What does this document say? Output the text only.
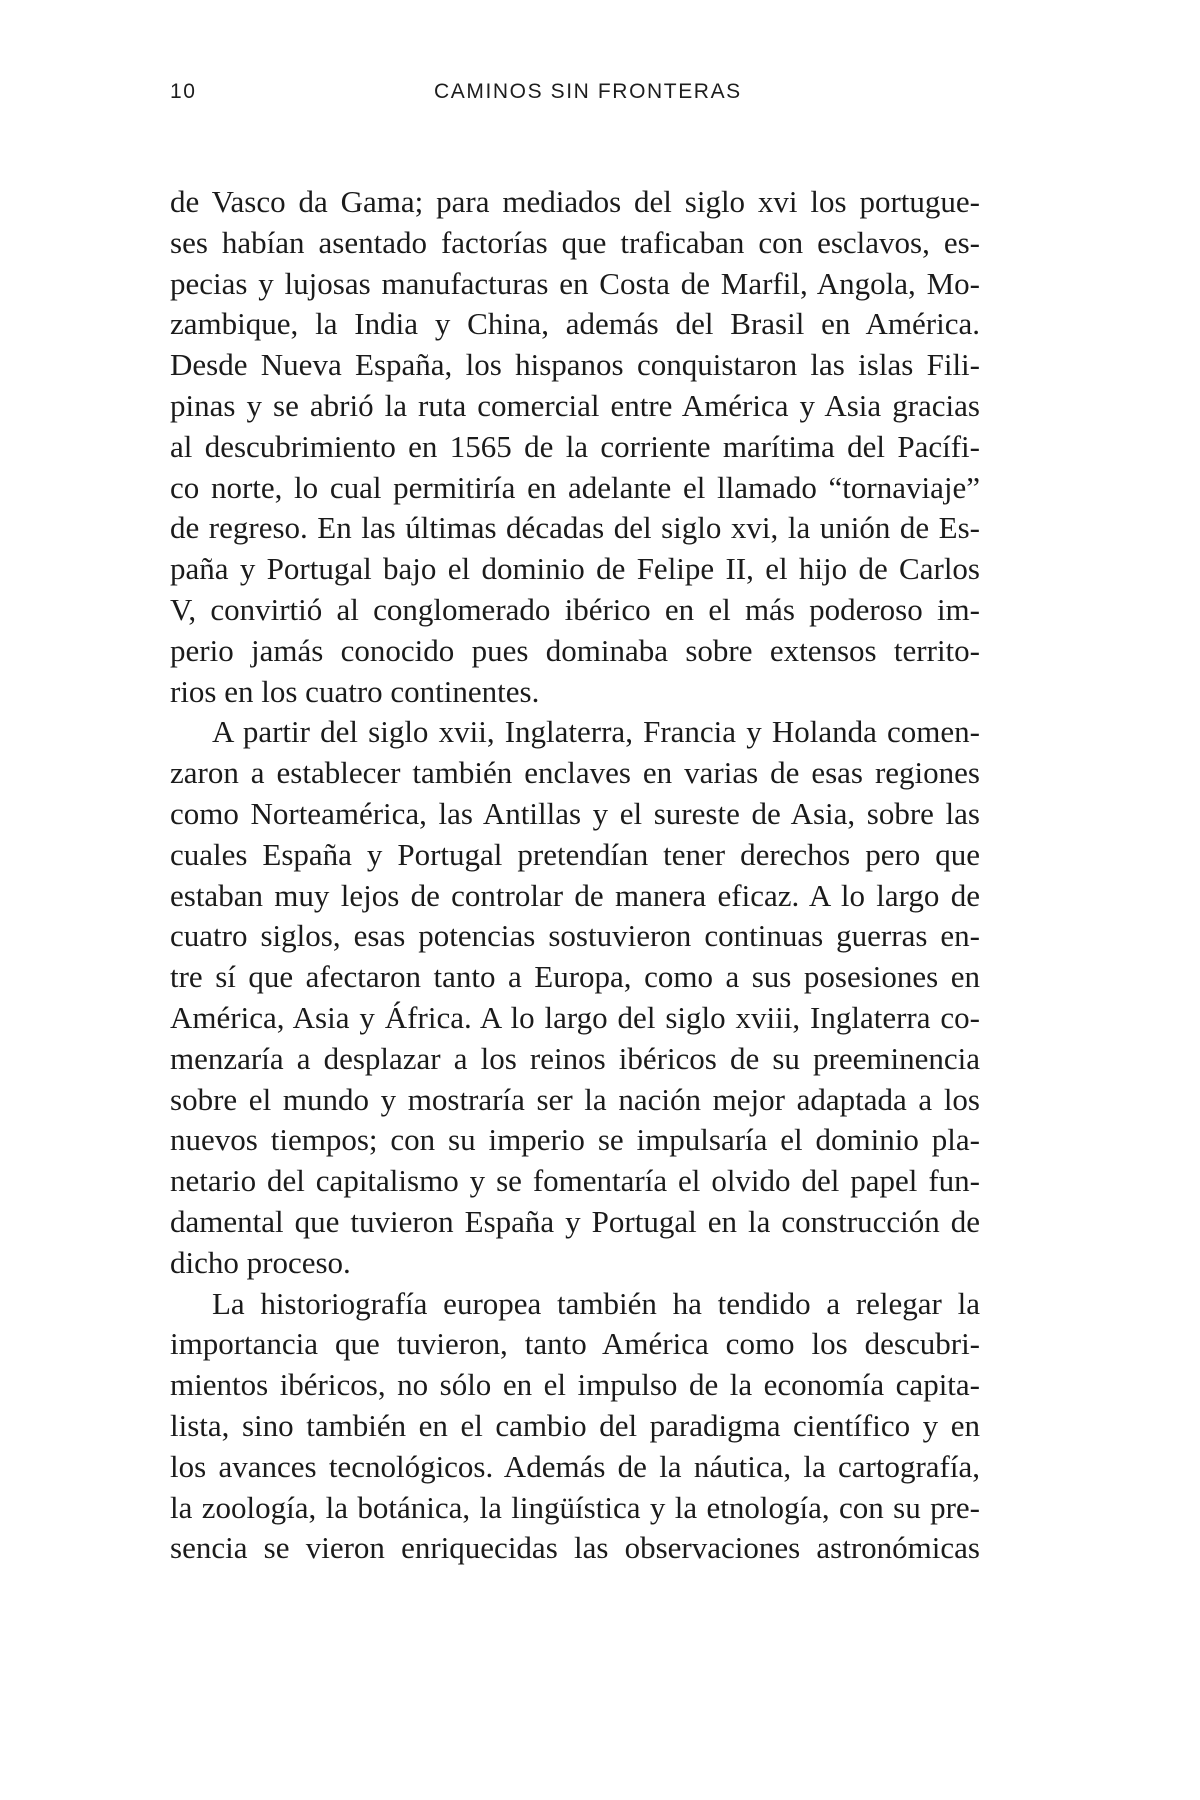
10	CAMINOS SIN FRONTERAS
de Vasco da Gama; para mediados del siglo xvi los portugue-
ses habían asentado factorías que traficaban con esclavos, es-
pecias y lujosas manufacturas en Costa de Marfil, Angola, Mo-
zambique, la India y China, además del Brasil en América.
Desde Nueva España, los hispanos conquistaron las islas Fili-
pinas y se abrió la ruta comercial entre América y Asia gracias
al descubrimiento en 1565 de la corriente marítima del Pacífi-
co norte, lo cual permitiría en adelante el llamado “tornaviaje”
de regreso. En las últimas décadas del siglo xvi, la unión de Es-
paña y Portugal bajo el dominio de Felipe II, el hijo de Carlos
V, convirtió al conglomerado ibérico en el más poderoso im-
perio jamás conocido pues dominaba sobre extensos territo-
rios en los cuatro continentes.
A partir del siglo xvii, Inglaterra, Francia y Holanda comen-
zaron a establecer también enclaves en varias de esas regiones
como Norteamérica, las Antillas y el sureste de Asia, sobre las
cuales España y Portugal pretendían tener derechos pero que
estaban muy lejos de controlar de manera eficaz. A lo largo de
cuatro siglos, esas potencias sostuvieron continuas guerras en-
tre sí que afectaron tanto a Europa, como a sus posesiones en
América, Asia y África. A lo largo del siglo xviii, Inglaterra co-
menzaría a desplazar a los reinos ibéricos de su preeminencia
sobre el mundo y mostraría ser la nación mejor adaptada a los
nuevos tiempos; con su imperio se impulsaría el dominio pla-
netario del capitalismo y se fomentaría el olvido del papel fun-
damental que tuvieron España y Portugal en la construcción de
dicho proceso.
La historiografía europea también ha tendido a relegar la
importancia que tuvieron, tanto América como los descubri-
mientos ibéricos, no sólo en el impulso de la economía capita-
lista, sino también en el cambio del paradigma científico y en
los avances tecnológicos. Además de la náutica, la cartografía,
la zoología, la botánica, la lingüística y la etnología, con su pre-
sencia se vieron enriquecidas las observaciones astronómicas
